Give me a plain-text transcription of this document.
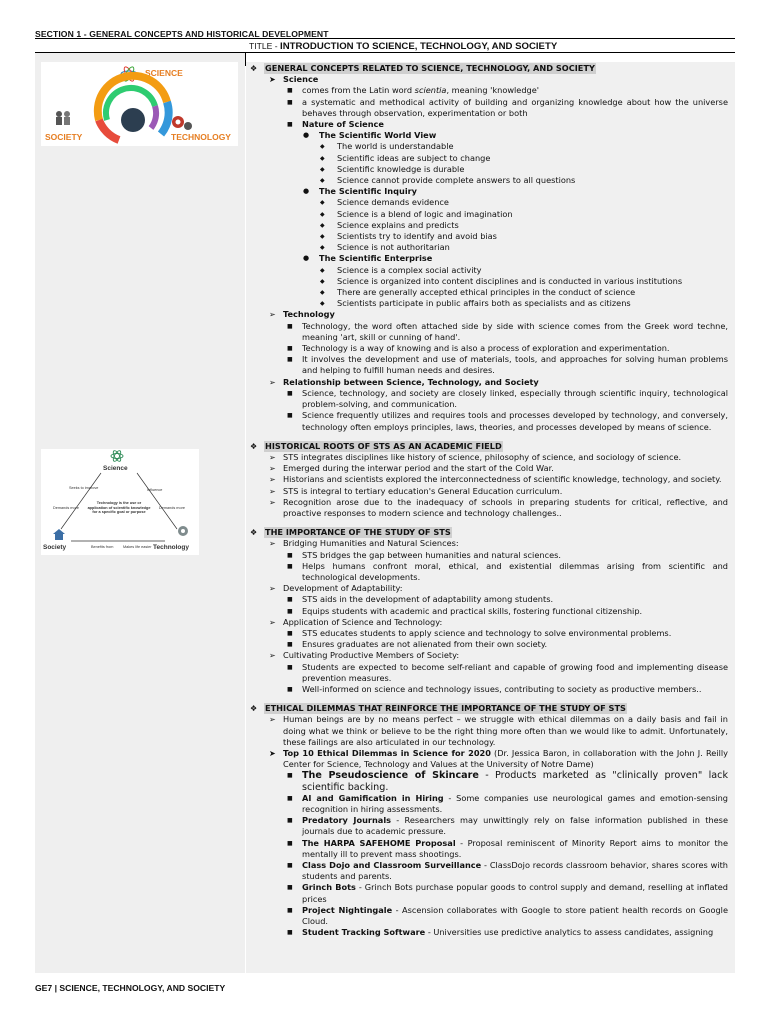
SECTION 1 - GENERAL CONCEPTS AND HISTORICAL DEVELOPMENT
TITLE - INTRODUCTION TO SCIENCE, TECHNOLOGY, AND SOCIETY
SCIENCE
SOCIETY	TECHNOLOGY
Science
Seeks to improve	Influence
Demands more	Demands more
Technology is the use or application of scientific knowledge for a specific goal or purpose
Society	Technology
Benefits from	Makes life easier
❖ GENERAL CONCEPTS RELATED TO SCIENCE, TECHNOLOGY, AND SOCIETY
➤ Science
■	comes from the Latin word scientia, meaning 'knowledge'
■	a systematic and methodical activity of building and organizing knowledge about how the universe behaves through observation, experimentation or both
■	Nature of Science
●	The Scientific World View
◆	The world is understandable
◆	Scientific ideas are subject to change
◆	Scientific knowledge is durable
◆	Science cannot provide complete answers to all questions
●	The Scientific Inquiry
◆	Science demands evidence
◆	Science is a blend of logic and imagination
◆	Science explains and predicts
◆	Scientists try to identify and avoid bias
◆	Science is not authoritarian
●	The Scientific Enterprise
◆	Science is a complex social activity
◆	Science is organized into content disciplines and is conducted in various institutions
◆	There are generally accepted ethical principles in the conduct of science
◆	Scientists participate in public affairs both as specialists and as citizens
➢ Technology
■	Technology, the word often attached side by side with science comes from the Greek word techne, meaning 'art, skill or cunning of hand'.
■	Technology is a way of knowing and is also a process of exploration and experimentation.
■	It involves the development and use of materials, tools, and approaches for solving human problems and helping to fulfill human needs and desires.
➢ Relationship between Science, Technology, and Society
■	Science, technology, and society are closely linked, especially through scientific inquiry, technological problem-solving, and communication.
■	Science frequently utilizes and requires tools and processes developed by technology, and conversely, technology often employs principles, laws, theories, and processes developed by means of science.
❖ HISTORICAL ROOTS OF STS AS AN ACADEMIC FIELD
➢ STS integrates disciplines like history of science, philosophy of science, and sociology of science.
➢ Emerged during the interwar period and the start of the Cold War.
➢ Historians and scientists explored the interconnectedness of scientific knowledge, technology, and society.
➢ STS is integral to tertiary education's General Education curriculum.
➢ Recognition arose due to the inadequacy of schools in preparing students for critical, reflective, and proactive responses to modern science and technology challenges..
❖ THE IMPORTANCE OF THE STUDY OF STS
➢ Bridging Humanities and Natural Sciences:
■	STS bridges the gap between humanities and natural sciences.
■	Helps humans confront moral, ethical, and existential dilemmas arising from scientific and technological developments.
➢ Development of Adaptability:
■	STS aids in the development of adaptability among students.
■	Equips students with academic and practical skills, fostering functional citizenship.
➢ Application of Science and Technology:
■	STS educates students to apply science and technology to solve environmental problems.
■	Ensures graduates are not alienated from their own society.
➢ Cultivating Productive Members of Society:
■	Students are expected to become self-reliant and capable of growing food and implementing disease prevention measures.
■	Well-informed on science and technology issues, contributing to society as productive members..
❖ ETHICAL DILEMMAS THAT REINFORCE THE IMPORTANCE OF THE STUDY OF STS
➢ Human beings are by no means perfect – we struggle with ethical dilemmas on a daily basis and fail in doing what we think or believe to be the right thing more often than we would like to admit. Unfortunately, these failings are also articulated in our technology.
➤ Top 10 Ethical Dilemmas in Science for 2020 (Dr. Jessica Baron, in collaboration with the John J. Reilly Center for Science, Technology and Values at the University of Notre Dame)
■ The Pseudoscience of Skincare - Products marketed as "clinically proven" lack scientific backing.
■	AI and Gamification in Hiring - Some companies use neurological games and emotion-sensing recognition in hiring assessments.
■	Predatory Journals - Researchers may unwittingly rely on false information published in these journals due to academic pressure.
■	The HARPA SAFEHOME Proposal - Proposal reminiscent of Minority Report aims to monitor the mentally ill to prevent mass shootings.
■	Class Dojo and Classroom Surveillance - ClassDojo records classroom behavior, shares scores with students and parents.
■	Grinch Bots - Grinch Bots purchase popular goods to control supply and demand, reselling at inflated prices
■	Project Nightingale - Ascension collaborates with Google to store patient health records on Google Cloud.
■	Student Tracking Software - Universities use predictive analytics to assess candidates, assigning
GE7 | SCIENCE, TECHNOLOGY, AND SOCIETY
